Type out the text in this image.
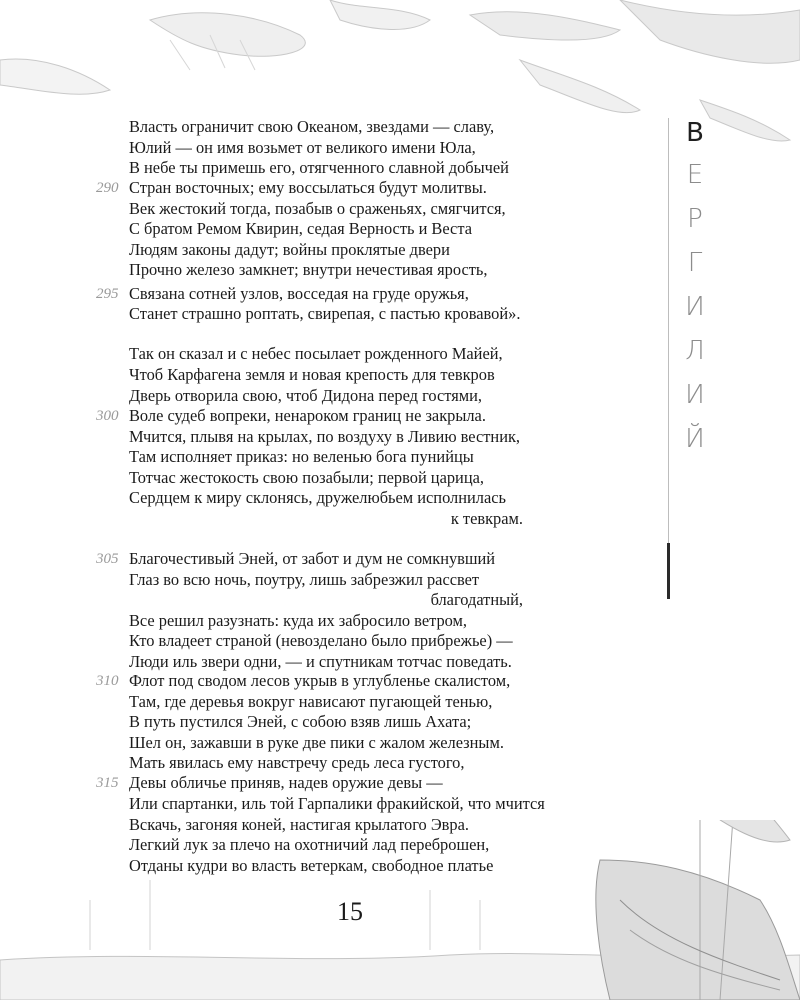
В
Е
Р
Г
И
Л
И
Й
290
295
300
305
310
315
Власть ограничит свою Океаном, звездами — славу,
Юлий — он имя возьмет от великого имени Юла,
В небе ты примешь его, отягченного славной добычей
Стран восточных; ему воссылаться будут молитвы.
Век жестокий тогда, позабыв о сраженьях, смягчится,
С братом Ремом Квирин, седая Верность и Веста
Людям законы дадут; войны проклятые двери
Прочно железо замкнет; внутри нечестивая ярость,
Связана сотней узлов, восседая на груде оружья,
Станет страшно роптать, свирепая, с пастью кровавой».
Так он сказал и с небес посылает рожденного Майей,
Чтоб Карфагена земля и новая крепость для тевкров
Дверь отворила свою, чтоб Дидона перед гостями,
Воле судеб вопреки, ненароком границ не закрыла.
Мчится, плывя на крылах, по воздуху в Ливию вестник,
Там исполняет приказ: но веленью бога пунийцы
Тотчас жестокость свою позабыли; первой царица,
Сердцем к миру склонясь, дружелюбьем исполнилась
к тевкрам.
Благочестивый Эней, от забот и дум не сомкнувший
Глаз во всю ночь, поутру, лишь забрезжил рассвет
благодатный,
Все решил разузнать: куда их забросило ветром,
Кто владеет страной (невозделано было прибрежье) —
Люди иль звери одни, — и спутникам тотчас поведать.
Флот под сводом лесов укрыв в углубленье скалистом,
Там, где деревья вокруг нависают пугающей тенью,
В путь пустился Эней, с собою взяв лишь Ахата;
Шел он, зажавши в руке две пики с жалом железным.
Мать явилась ему навстречу средь леса густого,
Девы обличье приняв, надев оружие девы —
Или спартанки, иль той Гарпалики фракийской, что мчится
Вскачь, загоняя коней, настигая крылатого Эвра.
Легкий лук за плечо на охотничий лад переброшен,
Отданы кудри во власть ветеркам, свободное платье
15
